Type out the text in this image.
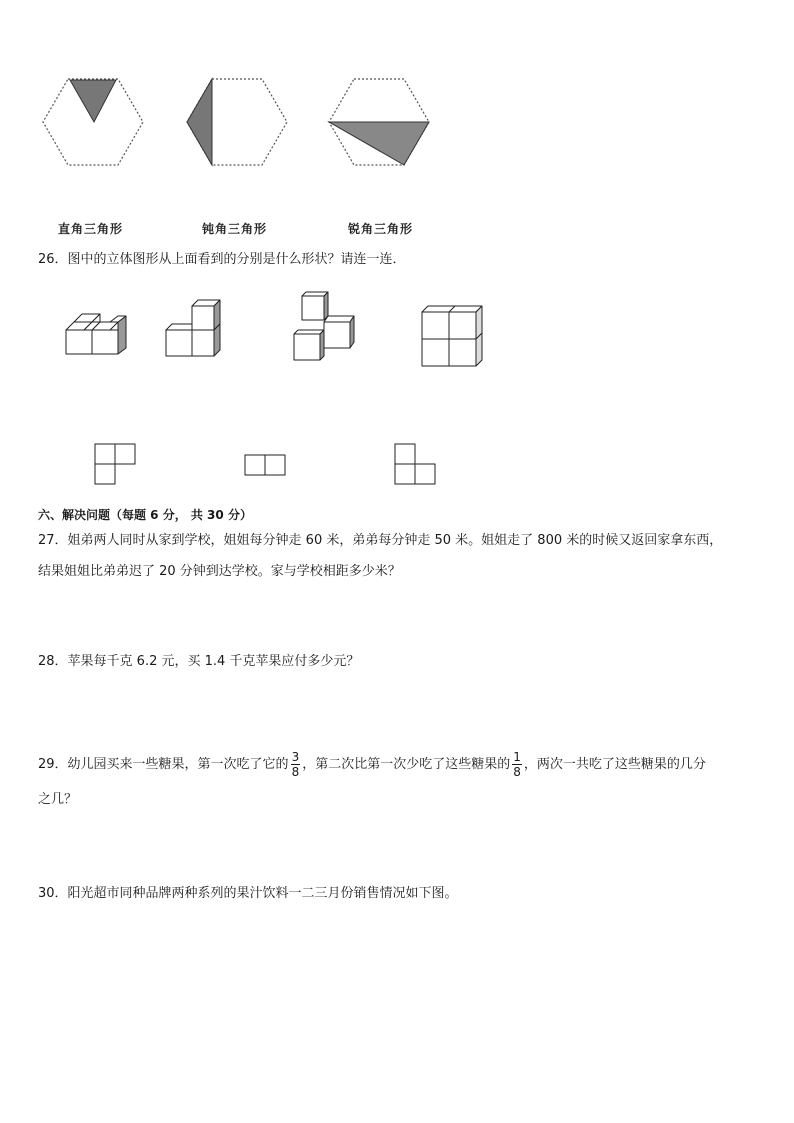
直角三角形	钝角三角形	锐角三角形
26．图中的立体图形从上面看到的分别是什么形状？请连一连．
六、解决问题（每题 6 分， 共 30 分）
27．姐弟两人同时从家到学校，姐姐每分钟走 60 米，弟弟每分钟走 50 米。姐姐走了 800 米的时候又返回家拿东西，
结果姐姐比弟弟迟了 20 分钟到达学校。家与学校相距多少米？
28．苹果每千克 6.2 元，买 1.4 千克苹果应付多少元？
29．幼儿园买来一些糖果，第一次吃了它的 $\frac{3}{8}$ ，第二次比第一次少吃了这些糖果的 $\frac{1}{8}$ ，两次一共吃了这些糖果的几分
之几？
30．阳光超市同种品牌两种系列的果汁饮料一二三月份销售情况如下图。
